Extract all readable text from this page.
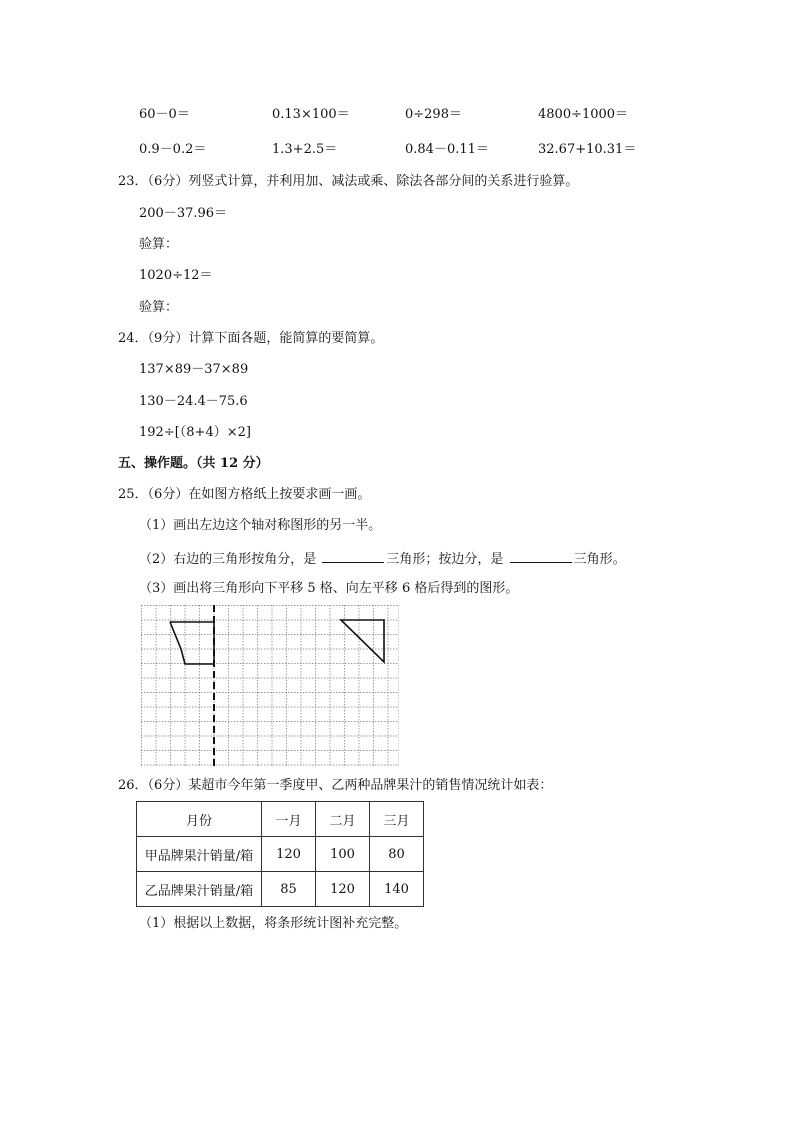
60－0＝	0.13×100＝	0÷298＝	4800÷1000＝
0.9－0.2＝	1.3+2.5＝	0.84－0.11＝	32.67+10.31＝
23．（6分）列竖式计算，并利用加、减法或乘、除法各部分间的关系进行验算。
200－37.96＝
验算：
1020÷12＝
验算：
24．（9分）计算下面各题，能简算的要简算。
137×89－37×89
130－24.4－75.6
192÷[（8+4）×2]
五、操作题。（共 12 分）
25．（6分）在如图方格纸上按要求画一画。
（1）画出左边这个轴对称图形的另一半。
（2）右边的三角形按角分，是	三角形；按边分，是	三角形。
（3）画出将三角形向下平移 5 格、向左平移 6 格后得到的图形。
26．（6分）某超市今年第一季度甲、乙两种品牌果汁的销售情况统计如表：
月份	一月	二月	三月
甲品牌果汁销量/箱	120	100	80
乙品牌果汁销量/箱	85	120	140
（1）根据以上数据，将条形统计图补充完整。
